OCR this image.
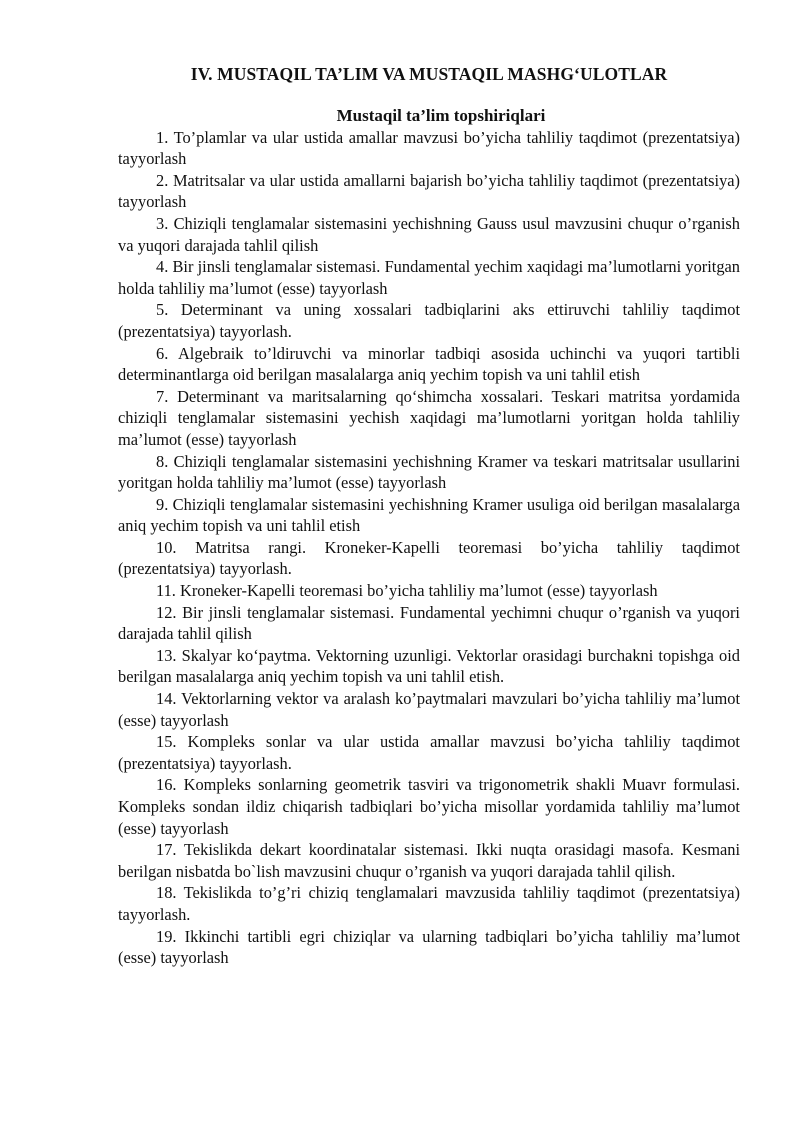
IV. MUSTAQIL TA’LIM VA MUSTAQIL MASHG‘ULOTLAR

Mustaqil ta’lim topshiriqlari

1. To’plamlar va ular ustida amallar mavzusi bo’yicha tahliliy taqdimot (prezentatsiya) tayyorlash

2. Matritsalar va ular ustida amallarni bajarish bo’yicha tahliliy taqdimot (prezentatsiya) tayyorlash

3. Chiziqli tenglamalar sistemasini yechishning Gauss usul mavzusini chuqur o’rganish va yuqori darajada tahlil qilish

4. Bir jinsli tenglamalar sistemasi. Fundamental yechim xaqidagi ma’lumotlarni yoritgan holda tahliliy ma’lumot (esse) tayyorlash

5. Determinant va uning xossalari tadbiqlarini aks ettiruvchi tahliliy taqdimot (prezentatsiya) tayyorlash.

6. Algebraik to’ldiruvchi va minorlar tadbiqi asosida uchinchi va yuqori tartibli determinantlarga oid berilgan masalalarga aniq yechim topish va uni tahlil etish

7. Determinant va maritsalarning qo‘shimcha xossalari. Teskari matritsa yordamida chiziqli tenglamalar sistemasini yechish xaqidagi ma’lumotlarni yoritgan holda tahliliy ma’lumot (esse) tayyorlash

8. Chiziqli tenglamalar sistemasini yechishning Kramer va teskari matritsalar usullarini yoritgan holda tahliliy ma’lumot (esse) tayyorlash

9. Chiziqli tenglamalar sistemasini yechishning Kramer usuliga oid berilgan masalalarga aniq yechim topish va uni tahlil etish

10. Matritsa rangi. Kroneker-Kapelli teoremasi bo’yicha tahliliy taqdimot (prezentatsiya) tayyorlash.

11. Kroneker-Kapelli teoremasi bo’yicha tahliliy ma’lumot (esse) tayyorlash

12. Bir jinsli tenglamalar sistemasi. Fundamental yechimni chuqur o’rganish va yuqori darajada tahlil qilish

13. Skalyar ko‘paytma. Vektorning uzunligi. Vektorlar orasidagi burchakni topishga oid berilgan masalalarga aniq yechim topish va uni tahlil etish.

14. Vektorlarning vektor va aralash ko’paytmalari mavzulari bo’yicha tahliliy ma’lumot (esse) tayyorlash

15. Kompleks sonlar va ular ustida amallar mavzusi bo’yicha tahliliy taqdimot (prezentatsiya) tayyorlash.

16. Kompleks sonlarning geometrik tasviri va trigonometrik shakli Muavr formulasi. Kompleks sondan ildiz chiqarish tadbiqlari bo’yicha misollar yordamida tahliliy ma’lumot (esse) tayyorlash

17. Tekislikda dekart koordinatalar sistemasi. Ikki nuqta orasidagi masofa. Kesmani berilgan nisbatda bo`lish mavzusini chuqur o’rganish va yuqori darajada tahlil qilish.

18. Tekislikda to’g’ri chiziq tenglamalari mavzusida tahliliy taqdimot (prezentatsiya) tayyorlash.

19. Ikkinchi tartibli egri chiziqlar va ularning tadbiqlari bo’yicha tahliliy ma’lumot (esse) tayyorlash
